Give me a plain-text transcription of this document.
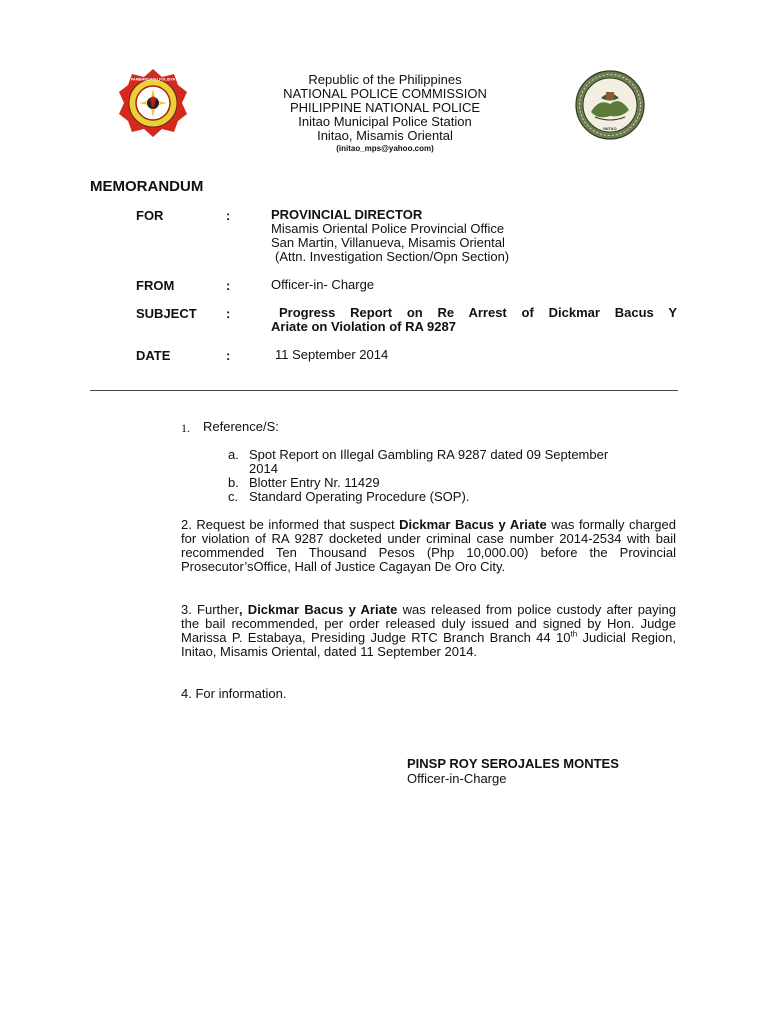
PAMBANSANG PULISYA
INITAO
Republic of the Philippines
NATIONAL POLICE COMMISSION
PHILIPPINE NATIONAL POLICE
Initao Municipal Police Station
Initao, Misamis Oriental
(initao_mps@yahoo.com)
MEMORANDUM
FOR	:	PROVINCIAL DIRECTOR
Misamis Oriental Police Provincial Office
San Martin, Villanueva, Misamis Oriental
(Attn. Investigation Section/Opn Section)
FROM	:	Officer-in- Charge
SUBJECT :	Progress Report on Re Arrest of Dickmar Bacus Y
Ariate on Violation of RA 9287
DATE	:	11 September 2014
1. Reference/S:
a. Spot Report on Illegal Gambling RA 9287 dated 09 September
2014
b. Blotter Entry Nr. 11429
c. Standard Operating Procedure (SOP).
2. Request be informed that suspect Dickmar Bacus y Ariate was formally charged for violation of RA 9287 docketed under criminal case number 2014-2534 with bail recommended Ten Thousand Pesos (Php 10,000.00) before the Provincial Prosecutor’sOffice, Hall of Justice Cagayan De Oro City.
3. Further, Dickmar Bacus y Ariate was released from police custody after paying the bail recommended, per order released duly issued and signed by Hon. Judge Marissa P. Estabaya, Presiding Judge RTC Branch Branch 44 10th Judicial Region, Initao, Misamis Oriental, dated 11 September 2014.
4. For information.
PINSP ROY SEROJALES MONTES
Officer-in-Charge
